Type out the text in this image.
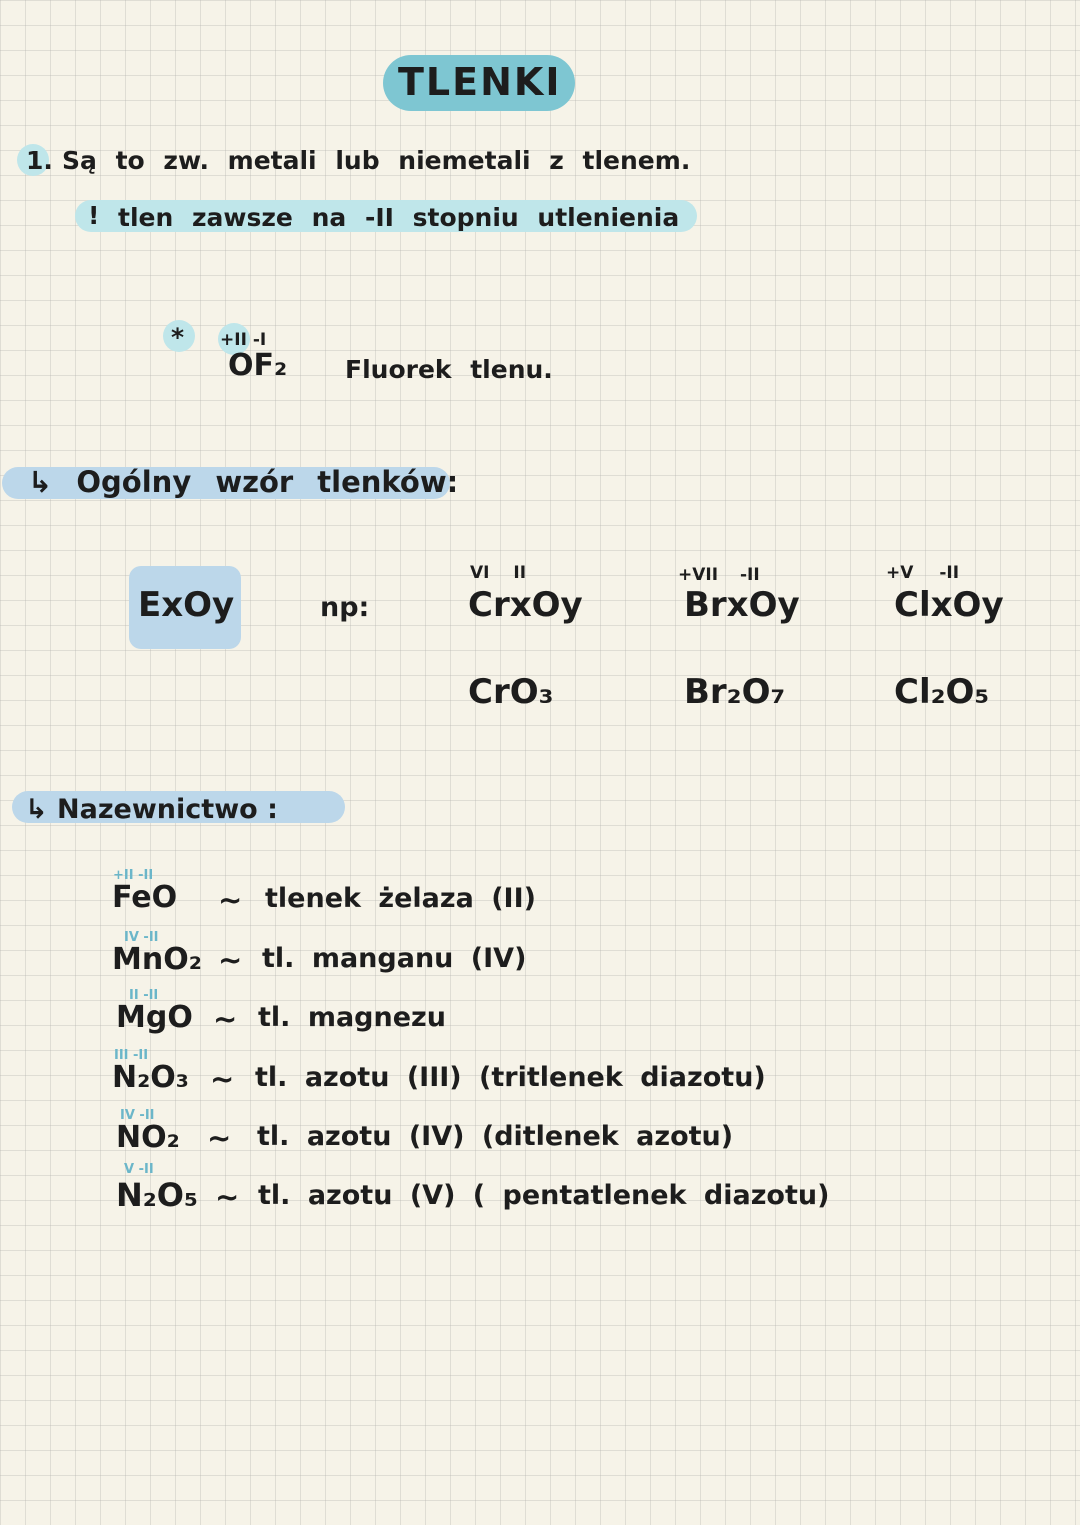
TLENKI
1. Są to zw. metali lub niemetali z tlenem.
! tlen zawsze na -II stopniu utlenienia
* +II -I
OF₂ Fluorek tlenu.
↳ Ogólny wzór tlenków:
ExOy	np:
VI II
CrxOy
CrO₃
+VII -II
BrxOy
Br₂O₇
+V -II
ClxOy
Cl₂O₅
↳ Nazewnictwo :
+II -II
FeO ~ tlenek żelaza (II)
IV -II
MnO₂ ~ tl. manganu (IV)
II -II
MgO ~ tl. magnezu
III -II
N₂O₃ ~ tl. azotu (III) (tritlenek diazotu)
IV -II
NO₂ ~ tl. azotu (IV) (ditlenek azotu)
V -II
N₂O₅ ~ tl. azotu (V) ( pentatlenek diazotu)
